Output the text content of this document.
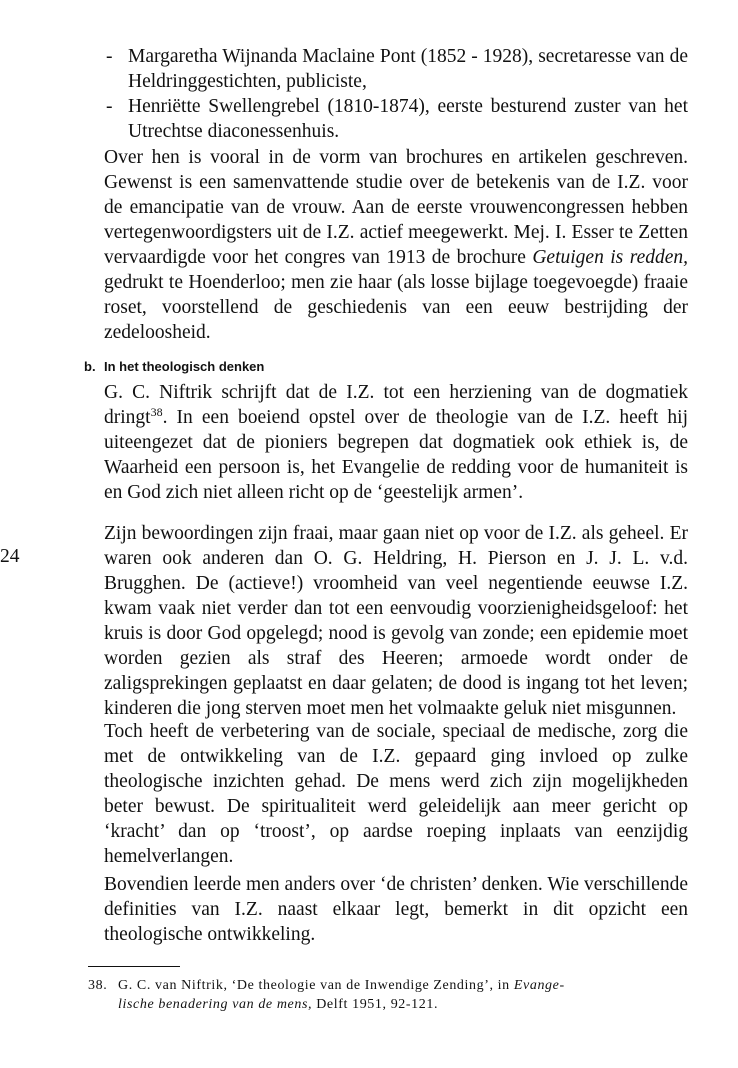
- Margaretha Wijnanda Maclaine Pont (1852 - 1928), secretaresse van de Heldringgestichten, publiciste,
- Henriëtte Swellengrebel (1810-1874), eerste besturend zuster van het Utrechtse diaconessenhuis.

Over hen is vooral in de vorm van brochures en artikelen geschreven. Gewenst is een samenvattende studie over de betekenis van de I.Z. voor de emancipatie van de vrouw. Aan de eerste vrouwencongressen hebben vertegenwoordigsters uit de I.Z. actief meegewerkt. Mej. I. Esser te Zetten vervaardigde voor het congres van 1913 de brochure Getuigen is redden, gedrukt te Hoenderloo; men zie haar (als losse bijlage toegevoegde) fraaie roset, voorstellend de geschiedenis van een eeuw bestrijding der zedeloosheid.

b. In het theologisch denken

G. C. Niftrik schrijft dat de I.Z. tot een herziening van de dogmatiek dringt$^{38}$. In een boeiend opstel over de theologie van de I.Z. heeft hij uiteengezet dat de pioniers begrepen dat dogmatiek ook ethiek is, de Waarheid een persoon is, het Evangelie de redding voor de humaniteit is en God zich niet alleen richt op de ‘geestelijk armen’.

24

Zijn bewoordingen zijn fraai, maar gaan niet op voor de I.Z. als geheel. Er waren ook anderen dan O. G. Heldring, H. Pierson en J. J. L. v.d. Brugghen. De (actieve!) vroomheid van veel negentiende eeuwse I.Z. kwam vaak niet verder dan tot een eenvoudig voorzienigheidsgeloof: het kruis is door God opgelegd; nood is gevolg van zonde; een epidemie moet worden gezien als straf des Heeren; armoede wordt onder de zaligsprekingen geplaatst en daar gelaten; de dood is ingang tot het leven; kinderen die jong sterven moet men het volmaakte geluk niet misgunnen.

Toch heeft de verbetering van de sociale, speciaal de medische, zorg die met de ontwikkeling van de I.Z. gepaard ging invloed op zulke theologische inzichten gehad. De mens werd zich zijn mogelijkheden beter bewust. De spiritualiteit werd geleidelijk aan meer gericht op ‘kracht’ dan op ‘troost’, op aardse roeping inplaats van eenzijdig hemelverlangen.

Bovendien leerde men anders over ‘de christen’ denken. Wie verschillende definities van I.Z. naast elkaar legt, bemerkt in dit opzicht een theologische ontwikkeling.

38. G. C. van Niftrik, ‘De theologie van de Inwendige Zending’, in Evange-
lische benadering van de mens, Delft 1951, 92-121.
